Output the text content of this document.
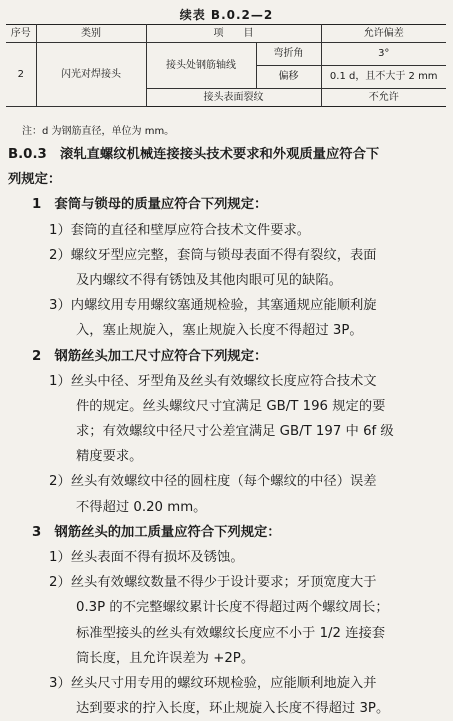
续表 B.0.2—2
序号	类别	项　　目		允许偏差
2	闪光对焊接头	接头处钢筋轴线	弯折角	3°
			偏移	0.1 d，且不大于 2 mm
		接头表面裂纹		不允许
注：d 为钢筋直径，单位为 mm。
B.0.3　滚轧直螺纹机械连接接头技术要求和外观质量应符合下
列规定：
1　套筒与锁母的质量应符合下列规定：
1）套筒的直径和壁厚应符合技术文件要求。
2）螺纹牙型应完整，套筒与锁母表面不得有裂纹，表面
及内螺纹不得有锈蚀及其他肉眼可见的缺陷。
3）内螺纹用专用螺纹塞通规检验，其塞通规应能顺利旋
入，塞止规旋入，塞止规旋入长度不得超过 3P。
2　钢筋丝头加工尺寸应符合下列规定：
1）丝头中径、牙型角及丝头有效螺纹长度应符合技术文
件的规定。丝头螺纹尺寸宜满足 GB/T 196 规定的要
求；有效螺纹中径尺寸公差宜满足 GB/T 197 中 6f 级
精度要求。
2）丝头有效螺纹中径的圆柱度（每个螺纹的中径）误差
不得超过 0.20 mm。
3　钢筋丝头的加工质量应符合下列规定：
1）丝头表面不得有损坏及锈蚀。
2）丝头有效螺纹数量不得少于设计要求；牙顶宽度大于
0.3P 的不完整螺纹累计长度不得超过两个螺纹周长；
标准型接头的丝头有效螺纹长度应不小于 1/2 连接套
筒长度，且允许误差为 +2P。
3）丝头尺寸用专用的螺纹环规检验，应能顺利地旋入并
达到要求的拧入长度，环止规旋入长度不得超过 3P。
